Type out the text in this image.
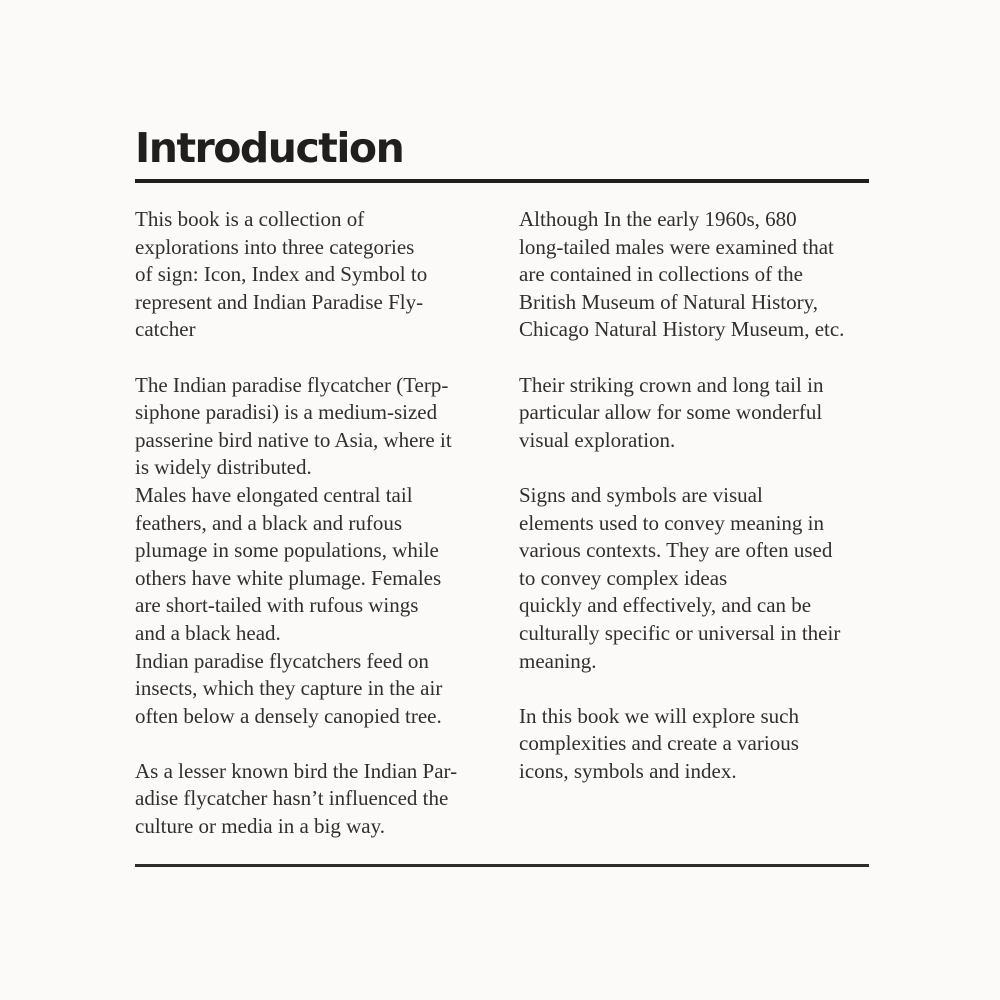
Introduction

This book is a collection of
explorations into three categories
of sign: Icon, Index and Symbol to
represent and Indian Paradise Fly-
catcher

The Indian paradise flycatcher (Terp-
siphone paradisi) is a medium-sized
passerine bird native to Asia, where it
is widely distributed.
Males have elongated central tail
feathers, and a black and rufous
plumage in some populations, while
others have white plumage. Females
are short-tailed with rufous wings
and a black head.
Indian paradise flycatchers feed on
insects, which they capture in the air
often below a densely canopied tree.

As a lesser known bird the Indian Par-
adise flycatcher hasn’t influenced the
culture or media in a big way.

Although In the early 1960s, 680
long-tailed males were examined that
are contained in collections of the
British Museum of Natural History,
Chicago Natural History Museum, etc.

Their striking crown and long tail in
particular allow for some wonderful
visual exploration.

Signs and symbols are visual
elements used to convey meaning in
various contexts. They are often used
to convey complex ideas
quickly and effectively, and can be
culturally specific or universal in their
meaning.

In this book we will explore such
complexities and create a various
icons, symbols and index.
